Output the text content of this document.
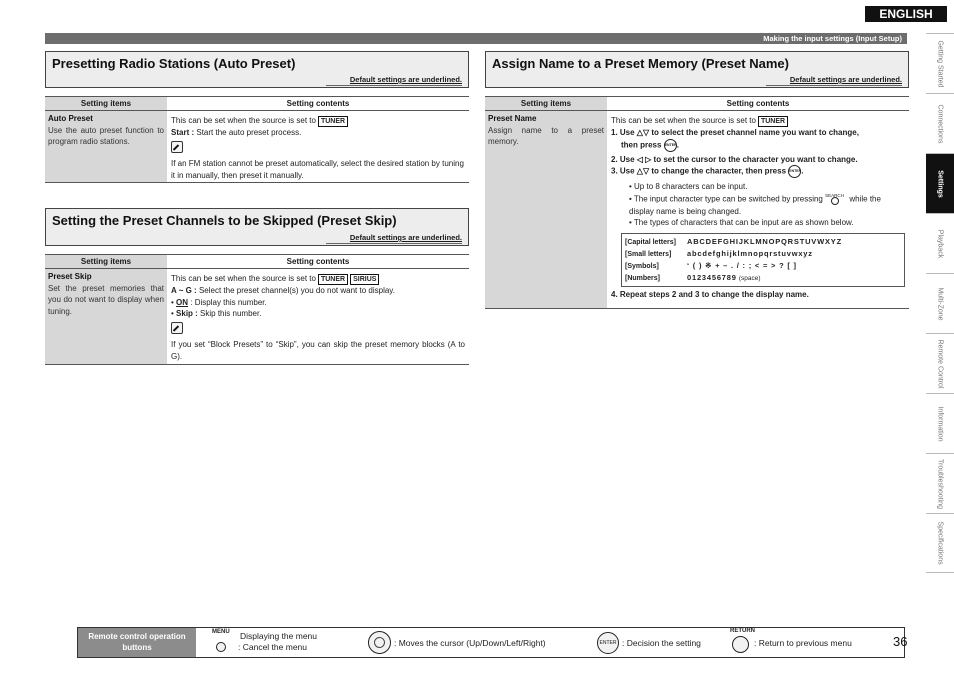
ENGLISH
Making the input settings (Input Setup)
Getting Started
Connections
Settings
Playback
Multi-Zone
Remote Control
Information
Troubleshooting
Specifications
Presetting Radio Stations (Auto Preset)
Default settings are underlined.
Setting items	Setting contents
Auto Preset
Use the auto preset function to program radio stations.
This can be set when the source is set to TUNER
Start : Start the auto preset process.
If an FM station cannot be preset automatically, select the desired station by tuning it in manually, then preset it manually.
Setting the Preset Channels to be Skipped (Preset Skip)
Default settings are underlined.
Setting items	Setting contents
Preset Skip
Set the preset memories that you do not want to display when tuning.
This can be set when the source is set to TUNER SIRIUS
A ~ G : Select the preset channel(s) you do not want to display.
• ON : Display this number.
• Skip : Skip this number.
If you set “Block Presets” to “Skip”, you can skip the preset memory blocks (A to G).
Assign Name to a Preset Memory (Preset Name)
Default settings are underlined.
Setting items	Setting contents
Preset Name
Assign name to a preset memory.
This can be set when the source is set to TUNER
1. Use △▽ to select the preset channel name you want to change,
then press ENTER.
2. Use ◁ ▷ to set the cursor to the character you want to change.
3. Use △▽ to change the character, then press ENTER.
• Up to 8 characters can be input.
• The input character type can be switched by pressing SEARCH while the display name is being changed.
• The types of characters that can be input are as shown below.
[Capital letters] ABCDEFGHIJKLMNOPQRSTUVWXYZ
[Small letters] abcdefghijklmnopqrstuvwxyz
[Symbols]	‘ ( ) ※ + – . / : ; < = > ? [ ]
[Numbers]	0123456789 (space)
4. Repeat steps 2 and 3 to change the display name.
Remote control operation buttons
MENU Displaying the menu
: Cancel the menu	: Moves the cursor (Up/Down/Left/Right)	ENTER : Decision the setting
RETURN
: Return to previous menu	36
